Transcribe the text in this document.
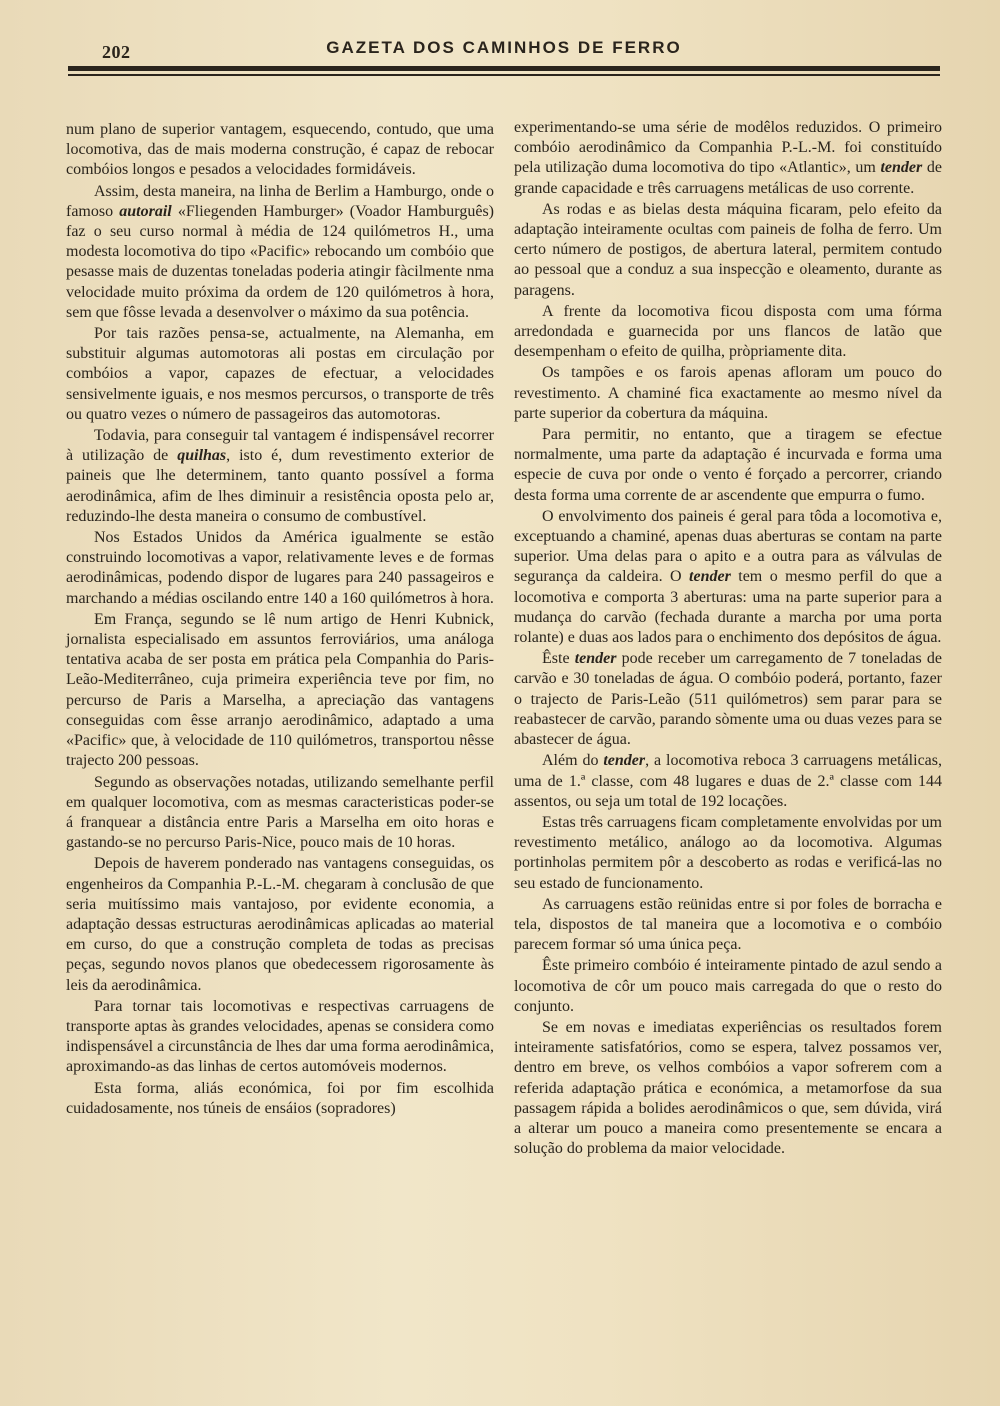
202	GAZETA DOS CAMINHOS DE FERRO

num plano de superior vantagem, esquecendo, contudo, que uma locomotiva, das de mais moderna construção, é capaz de rebocar combóios longos e pesados a velocidades formidáveis.

Assim, desta maneira, na linha de Berlim a Hamburgo, onde o famoso autorail «Fliegenden Hamburger» (Voador Hamburguês) faz o seu curso normal à média de 124 quilómetros H., uma modesta locomotiva do tipo «Pacific» rebocando um combóio que pesasse mais de duzentas toneladas poderia atingir fàcilmente nma velocidade muito próxima da ordem de 120 quilómetros à hora, sem que fôsse levada a desenvolver o máximo da sua potência.

Por tais razões pensa-se, actualmente, na Alemanha, em substituir algumas automotoras ali postas em circulação por combóios a vapor, capazes de efectuar, a velocidades sensivelmente iguais, e nos mesmos percursos, o transporte de três ou quatro vezes o número de passageiros das automotoras.

Todavia, para conseguir tal vantagem é indispensável recorrer à utilização de quilhas, isto é, dum revestimento exterior de paineis que lhe determinem, tanto quanto possível a forma aerodinâmica, afim de lhes diminuir a resistência oposta pelo ar, reduzindo-lhe desta maneira o consumo de combustível.

Nos Estados Unidos da América igualmente se estão construindo locomotivas a vapor, relativamente leves e de formas aerodinâmicas, podendo dispor de lugares para 240 passageiros e marchando a médias oscilando entre 140 a 160 quilómetros à hora.

Em França, segundo se lê num artigo de Henri Kubnick, jornalista especialisado em assuntos ferroviários, uma análoga tentativa acaba de ser posta em prática pela Companhia do Paris-Leão-Mediterrâneo, cuja primeira experiência teve por fim, no percurso de Paris a Marselha, a apreciação das vantagens conseguidas com êsse arranjo aerodinâmico, adaptado a uma «Pacific» que, à velocidade de 110 quilómetros, transportou nêsse trajecto 200 pessoas.

Segundo as observações notadas, utilizando semelhante perfil em qualquer locomotiva, com as mesmas caracteristicas poder-se á franquear a distância entre Paris a Marselha em oito horas e gastando-se no percurso Paris-Nice, pouco mais de 10 horas.

Depois de haverem ponderado nas vantagens conseguidas, os engenheiros da Companhia P.-L.-M. chegaram à conclusão de que seria muitíssimo mais vantajoso, por evidente economia, a adaptação dessas estructuras aerodinâmicas aplicadas ao material em curso, do que a construção completa de todas as precisas peças, segundo novos planos que obedecessem rigorosamente às leis da aerodinâmica.

Para tornar tais locomotivas e respectivas carruagens de transporte aptas às grandes velocidades, apenas se considera como indispensável a circunstância de lhes dar uma forma aerodinâmica, aproximando-as das linhas de certos automóveis modernos.

Esta forma, aliás económica, foi por fim escolhida cuidadosamente, nos túneis de ensáios (sopradores)

experimentando-se uma série de modêlos reduzidos. O primeiro combóio aerodinâmico da Companhia P.-L.-M. foi constituído pela utilização duma locomotiva do tipo «Atlantic», um tender de grande capacidade e três carruagens metálicas de uso corrente.

As rodas e as bielas desta máquina ficaram, pelo efeito da adaptação inteiramente ocultas com paineis de folha de ferro. Um certo número de postigos, de abertura lateral, permitem contudo ao pessoal que a conduz a sua inspecção e oleamento, durante as paragens.

A frente da locomotiva ficou disposta com uma fórma arredondada e guarnecida por uns flancos de latão que desempenham o efeito de quilha, pròpriamente dita.

Os tampões e os farois apenas afloram um pouco do revestimento. A chaminé fica exactamente ao mesmo nível da parte superior da cobertura da máquina.

Para permitir, no entanto, que a tiragem se efectue normalmente, uma parte da adaptação é incurvada e forma uma especie de cuva por onde o vento é forçado a percorrer, criando desta forma uma corrente de ar ascendente que empurra o fumo.

O envolvimento dos paineis é geral para tôda a locomotiva e, exceptuando a chaminé, apenas duas aberturas se contam na parte superior. Uma delas para o apito e a outra para as válvulas de segurança da caldeira. O tender tem o mesmo perfil do que a locomotiva e comporta 3 aberturas: uma na parte superior para a mudança do carvão (fechada durante a marcha por uma porta rolante) e duas aos lados para o enchimento dos depósitos de água.

Êste tender pode receber um carregamento de 7 toneladas de carvão e 30 toneladas de água. O combóio poderá, portanto, fazer o trajecto de Paris-Leão (511 quilómetros) sem parar para se reabastecer de carvão, parando sòmente uma ou duas vezes para se abastecer de água.

Além do tender, a locomotiva reboca 3 carruagens metálicas, uma de 1.ª classe, com 48 lugares e duas de 2.ª classe com 144 assentos, ou seja um total de 192 locações.

Estas três carruagens ficam completamente envolvidas por um revestimento metálico, análogo ao da locomotiva. Algumas portinholas permitem pôr a descoberto as rodas e verificá-las no seu estado de funcionamento.

As carruagens estão reünidas entre si por foles de borracha e tela, dispostos de tal maneira que a locomotiva e o combóio parecem formar só uma única peça.

Êste primeiro combóio é inteiramente pintado de azul sendo a locomotiva de côr um pouco mais carregada do que o resto do conjunto.

Se em novas e imediatas experiências os resultados forem inteiramente satisfatórios, como se espera, talvez possamos ver, dentro em breve, os velhos combóios a vapor sofrerem com a referida adaptação prática e económica, a metamorfose da sua passagem rápida a bolides aerodinâmicos o que, sem dúvida, virá a alterar um pouco a maneira como presentemente se encara a solução do problema da maior velocidade.
